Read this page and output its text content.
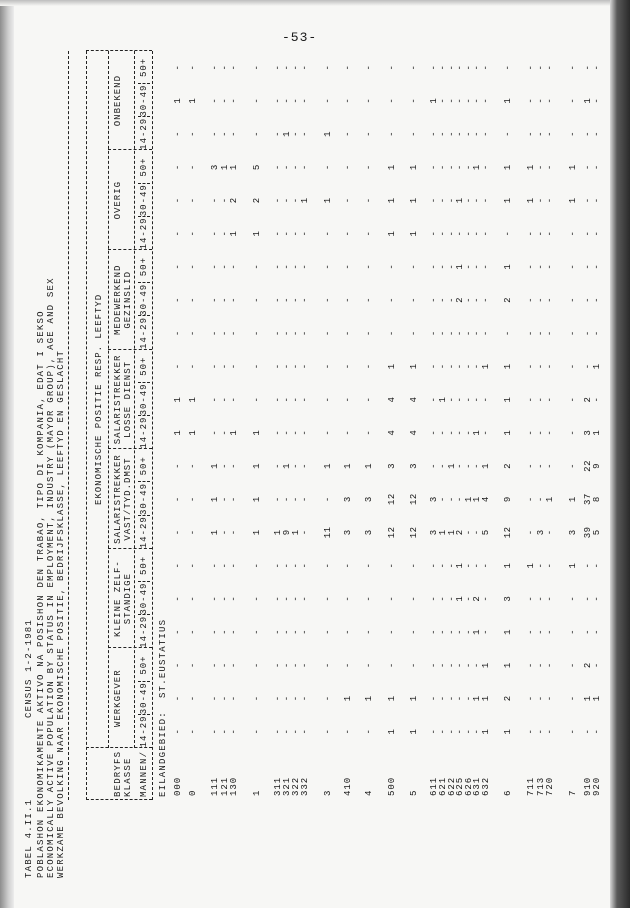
-53-
TABEL 4.II.1
CENSUS 1-2-1981 POBLASHON EKONOMIKAMENTE AKTIVO NA POSISHON DEN TRABAO, TIPO DI KOMPANIA, EDAT I SEKSO ECONOMICALLY ACTIVE POPULATION BY STATUS IN EMPLOYMENT, INDUSTRY (MAYOR GROUP), AGE AND SEX WERKZAME BEVOLKING NAAR EKONOMISCHE POSITIE, BEDRIJFSKLASSE, LEEFTYD EN GESLACHT	BEDRYFS KLASSE MANNEN/
EKONOMISCHE POSITIE RESP. LEEFTYD
WERKGEVER
14-29
30-49
50+
KLEINE ZELF- STANDIGE
14-29
30-49
50+
SALARISTREKKER VAST/TYD.DMST 14-29
30-49
50+
SALARISTREKKER LOSSE DIENST 14-29
30-49
50+
MEDEWERKEND GEZINSLID
14-29
30-49
50+
OVERIG
14-29
30-49
50+
ONBEKEND
14-29
30-49
50+
EILANDGEBIED:  ST.EUSTATIUS 000
-
-
-
-
-
-
-
-
-
1
1
-
-
-
-
-
-
-
-
1
-
0
-
-
-
-
-
-
-
-
-
1
1
-
-
-
-
-
-
-
-
1
-
111
-
-
-
-
-
-
1
1
1
-
-
-
-
-
-
-
-
3
-
-
-
121
-
-
-
-
-
-
-
-
-
-
-
-
-
-
-
-
-
1
-
-
-
130
-
-
-
-
-
-
-
-
-
1
-
-
-
-
-
1
2
1
-
-
-
1
-
-
-
-
-
-
1
1
1
1
-
-
-
-
-
1
2
5
-
-
-
311
-
-
-
-
-
-
1
-
-
-
-
-
-
-
-
-
-
-
-
-
-
321
-
-
-
-
-
-
9
-
1
-
-
-
-
-
-
-
-
-
1
-
-
322
-
-
-
-
-
-
1
-
-
-
-
-
-
-
-
-
-
-
-
-
-
332
-
-
-
-
-
-
-
-
-
-
-
-
-
-
-
-
1
-
-
-
-
3
-
-
-
-
-
-
11
-
1
-
-
-
-
-
-
-
1
-
1
-
-
410
-
1
-
-
-
-
3
3
1
-
-
-
-
-
-
-
-
-
-
-
-
4
-
1
-
-
-
-
3
3
1
-
-
-
-
-
-
-
-
-
-
-
-
500
1
1
-
-
-
-
12
12
3
4
4
1
-
-
-
1
1
1
-
-
-
5
1
1
-
-
-
-
12
12
3
4
4
1
-
-
-
1
1
1
-
-
-
611
-
-
-
-
-
-
3
3
-
-
-
-
-
-
-
-
-
-
-
1
-
621
-
-
-
-
-
-
1
-
-
-
1
-
-
-
-
-
-
-
-
-
-
622
-
-
-
-
-
-
1
-
1
-
-
-
-
-
-
-
-
-
-
-
-
625
-
-
-
-
1
1
2
-
-
-
-
-
-
2
1
-
1
-
-
-
-
626
-
-
-
-
-
-
-
1
-
-
-
-
-
-
-
-
-
-
-
-
-
631
-
1
-
1
2
-
-
1
-
1
-
-
-
-
-
-
-
1
-
-
-
632
1
1
1
-
-
-
5
4
1
-
-
1
-
-
-
-
-
-
-
-
-
6
1
2
1
1
3
1
12
9
2
1
1
1
-
2
1
-
1
1
-
1
-
711
-
-
-
-
-
1
-
-
-
-
-
-
-
-
-
-
1
1
-
-
-
713
-
-
-
-
-
-
3
-
-
-
-
-
-
-
-
-
-
-
-
-
-
720
-
-
-
-
-
-
-
1
-
-
-
-
-
-
-
-
-
-
-
-
-
7
-
-
-
-
-
1
3
1
-
-
-
-
-
-
-
-
1
1
-
-
-
910
-
1
2
-
-
-
39
37
22
3
2
-
-
-
-
-
-
-
-
1
-
920
-
1
-
-
-
-
5
8
9
1
-
1
-
-
-
-
-
-
-
-
-
